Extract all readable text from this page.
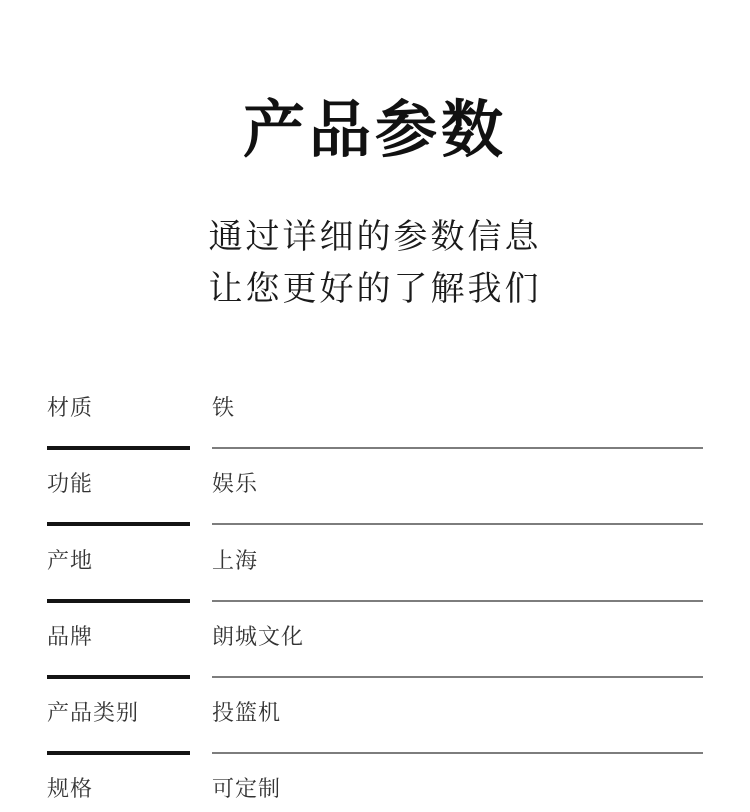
产品参数
通过详细的参数信息
让您更好的了解我们
材质	铁
功能	娱乐
产地	上海
品牌	朗城文化
产品类别	投篮机
规格	可定制
